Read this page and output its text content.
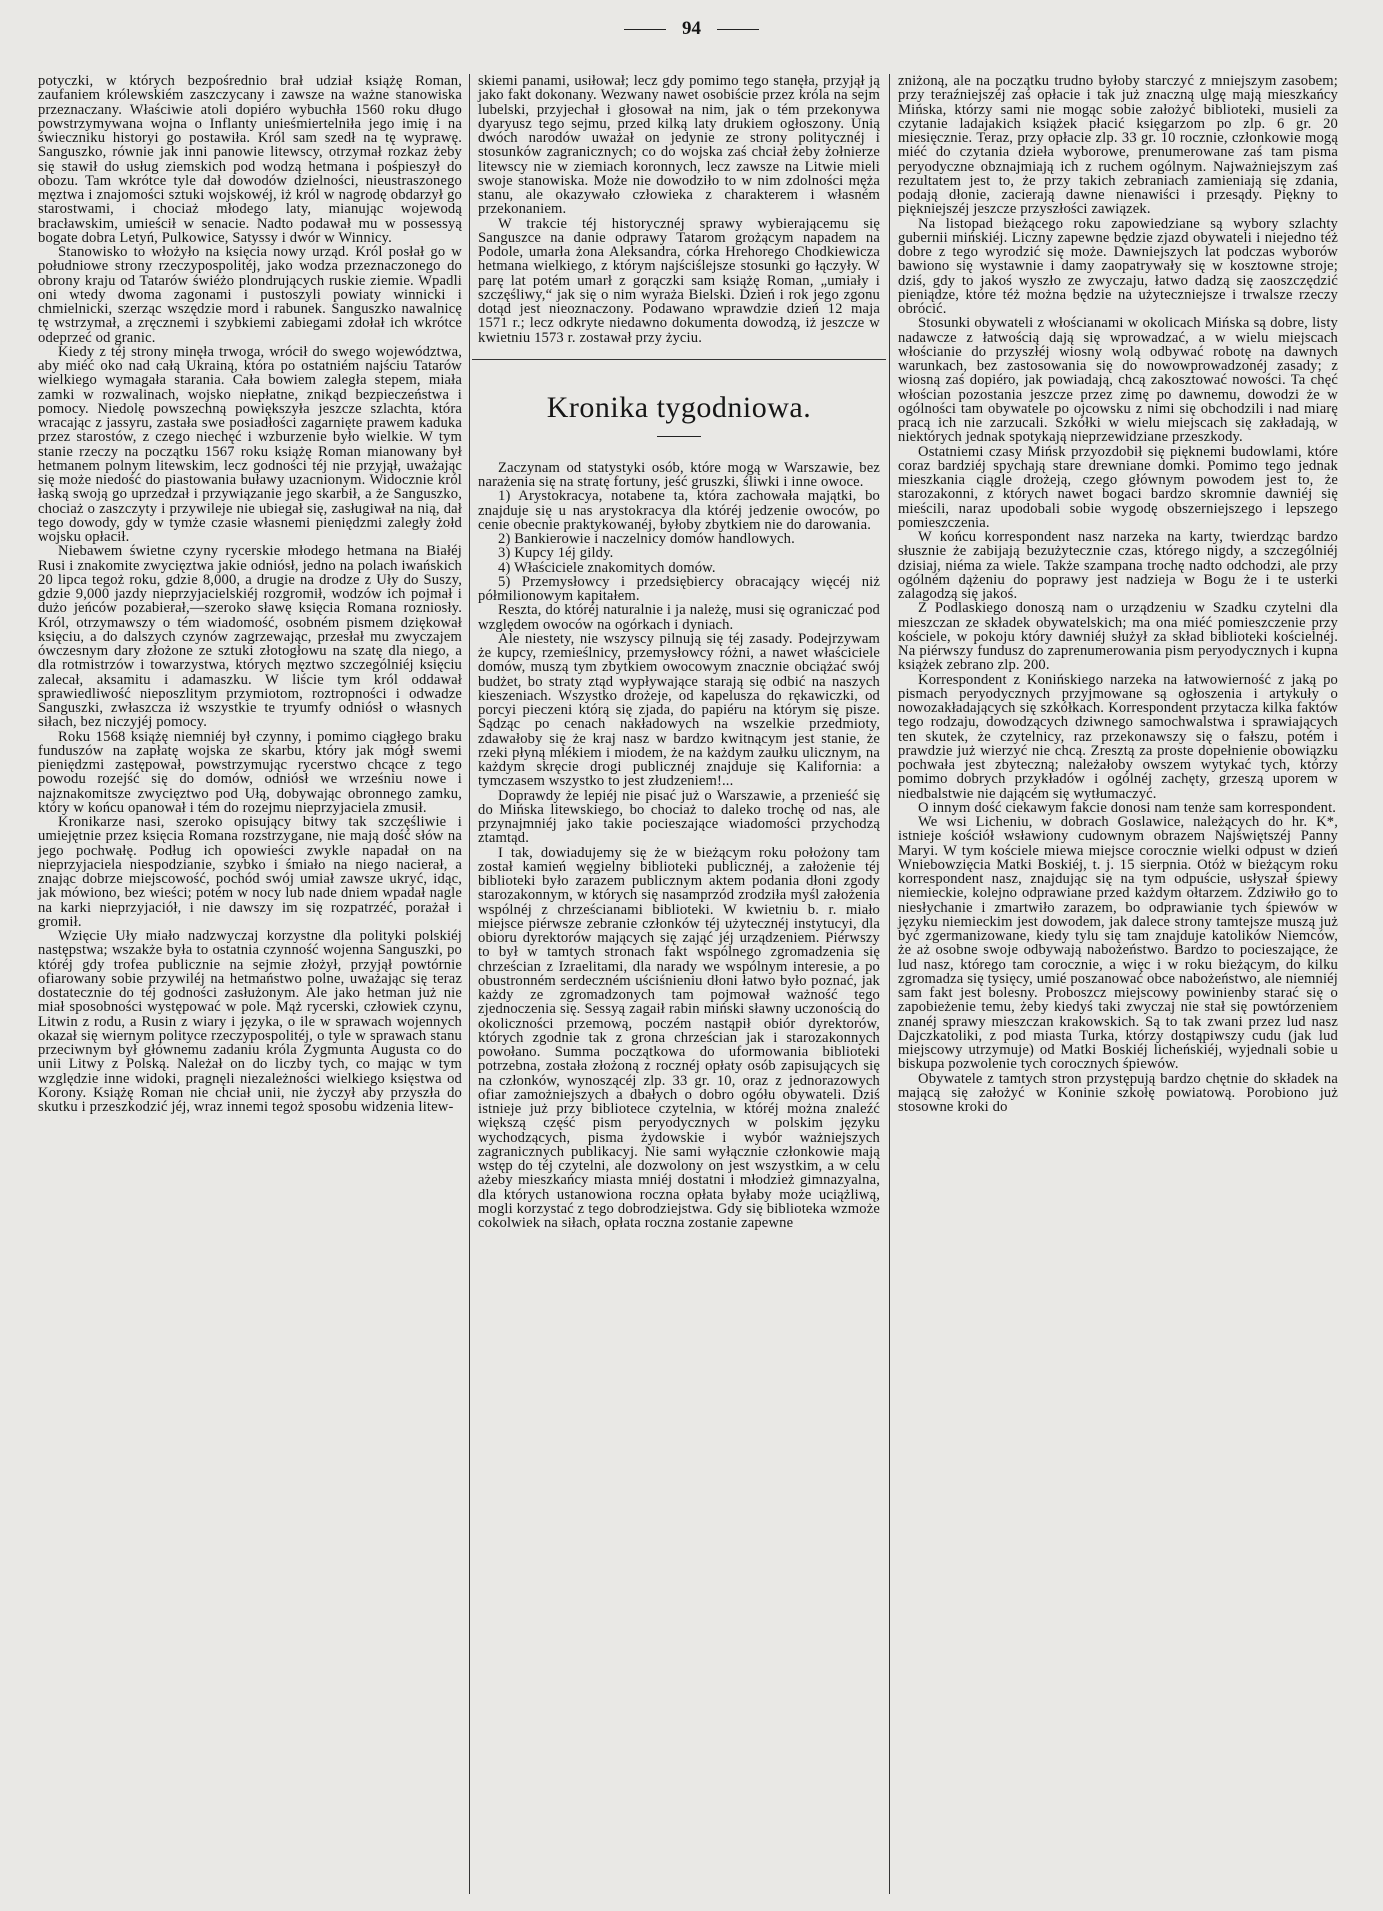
94

potyczki, w których bezpośrednio brał udział książę Roman, zaufaniem królewskiém zaszczycany i zawsze na ważne stanowiska przeznaczany. Właściwie atoli dopiéro wybuchła 1560 roku długo powstrzymywana wojna o Inflanty unieśmiertelniła jego imię i na świeczniku historyi go postawiła. Król sam szedł na tę wyprawę. Sanguszko, równie jak inni panowie litewscy, otrzymał rozkaz żeby się stawił do usług ziemskich pod wodzą hetmana i pośpieszył do obozu. Tam wkrótce tyle dał dowodów dzielności, nieustraszonego męztwa i znajomości sztuki wojskowéj, iż król w nagrodę obdarzył go starostwami, i chociaż młodego laty, mianując wojewodą bracławskim, umieścił w senacie. Nadto podawał mu w possessyą bogate dobra Letyń, Pulkowice, Satyssy i dwór w Winnicy.

Stanowisko to włożyło na księcia nowy urząd. Król posłał go w południowe strony rzeczypospolitéj, jako wodza przeznaczonego do obrony kraju od Tatarów świéżo plondrujących ruskie ziemie. Wpadli oni wtedy dwoma zagonami i pustoszyli powiaty winnicki i chmielnicki, szerząc wszędzie mord i rabunek. Sanguszko nawalnicę tę wstrzymał, a zręcznemi i szybkiemi zabiegami zdołał ich wkrótce odeprzeć od granic.

Kiedy z téj strony minęła trwoga, wrócił do swego województwa, aby miéć oko nad całą Ukrainą, która po ostatniém najściu Tatarów wielkiego wymagała starania. Cała bowiem zaległa stepem, miała zamki w rozwalinach, wojsko niepłatne, znikąd bezpieczeństwa i pomocy. Niedolę powszechną powiększyła jeszcze szlachta, która wracając z jassyru, zastała swe posiadłości zagarnięte prawem kaduka przez starostów, z czego niechęć i wzburzenie było wielkie. W tym stanie rzeczy na początku 1567 roku książę Roman mianowany był hetmanem polnym litewskim, lecz godności téj nie przyjął, uważając się może niedość do piastowania buławy uzacnionym. Widocznie król łaską swoją go uprzedzał i przywiązanie jego skarbił, a że Sanguszko, chociaż o zaszczyty i przywileje nie ubiegał się, zasługiwał na nią, dał tego dowody, gdy w tymże czasie własnemi pieniędzmi zaległy żołd wojsku opłacił.

Niebawem świetne czyny rycerskie młodego hetmana na Białéj Rusi i znakomite zwycięztwa jakie odniósł, jedno na polach iwańskich 20 lipca tegoż roku, gdzie 8,000, a drugie na drodze z Uły do Suszy, gdzie 9,000 jazdy nieprzyjacielskiéj rozgromił, wodzów ich pojmał i dużo jeńców pozabierał,—szeroko sławę księcia Romana rozniosły. Król, otrzymawszy o tém wiadomość, osobném pismem dziękował księciu, a do dalszych czynów zagrzewając, przesłał mu zwyczajem ówczesnym dary złożone ze sztuki złotogłowu na szatę dla niego, a dla rotmistrzów i towarzystwa, których męztwo szczególniéj księciu zalecał, aksamitu i adamaszku. W liście tym król oddawał sprawiedliwość nieposzlitym przymiotom, roztropności i odwadze Sanguszki, zwłaszcza iż wszystkie te tryumfy odniósł o własnych siłach, bez niczyjéj pomocy.

Roku 1568 książę niemniéj był czynny, i pomimo ciągłego braku funduszów na zapłatę wojska ze skarbu, który jak mógł swemi pieniędzmi zastępował, powstrzymując rycerstwo chcące z tego powodu rozejść się do domów, odniósł we wrześniu nowe i najznakomitsze zwycięztwo pod Ułą, dobywając obronnego zamku, który w końcu opanował i tém do rozejmu nieprzyjaciela zmusił.

Kronikarze nasi, szeroko opisujący bitwy tak szczęśliwie i umiejętnie przez księcia Romana rozstrzygane, nie mają dość słów na jego pochwałę. Podług ich opowieści zwykle napadał on na nieprzyjaciela niespodzianie, szybko i śmiało na niego nacierał, a znając dobrze miejscowość, pochód swój umiał zawsze ukryć, idąc, jak mówiono, bez wieści; potém w nocy lub nade dniem wpadał nagle na karki nieprzyjaciół, i nie dawszy im się rozpatrzéć, porażał i gromił.

Wzięcie Uły miało nadzwyczaj korzystne dla polityki polskiéj następstwa; wszakże była to ostatnia czynność wojenna Sanguszki, po któréj gdy trofea publicznie na sejmie złożył, przyjął powtórnie ofiarowany sobie przywiléj na hetmaństwo polne, uważając się teraz dostatecznie do téj godności zasłużonym. Ale jako hetman już nie miał sposobności występować w pole. Mąż rycerski, człowiek czynu, Litwin z rodu, a Rusin z wiary i języka, o ile w sprawach wojennych okazał się wiernym polityce rzeczypospolitéj, o tyle w sprawach stanu przeciwnym był głównemu zadaniu króla Zygmunta Augusta co do unii Litwy z Polską. Należał on do liczby tych, co mając w tym względzie inne widoki, pragnęli niezależności wielkiego księstwa od Korony. Książę Roman nie chciał unii, nie życzył aby przyszła do skutku i przeszkodzić jéj, wraz innemi tegoż sposobu widzenia litew-

skiemi panami, usiłował; lecz gdy pomimo tego stanęła, przyjął ją jako fakt dokonany. Wezwany nawet osobiście przez króla na sejm lubelski, przyjechał i głosował na nim, jak o tém przekonywa dyaryusz tego sejmu, przed kilką laty drukiem ogłoszony. Unią dwóch narodów uważał on jedynie ze strony politycznéj i stosunków zagranicznych; co do wojska zaś chciał żeby żołnierze litewscy nie w ziemiach koronnych, lecz zawsze na Litwie mieli swoje stanowiska. Może nie dowodziło to w nim zdolności męża stanu, ale okazywało człowieka z charakterem i własném przekonaniem.

W trakcie téj historycznéj sprawy wybierającemu się Sanguszce na danie odprawy Tatarom grożącym napadem na Podole, umarła żona Aleksandra, córka Hrehorego Chodkiewicza hetmana wielkiego, z którym najściślejsze stosunki go łączyły. W parę lat potém umarł z gorączki sam książę Roman, „umiały i szczęśliwy,“ jak się o nim wyraża Bielski. Dzień i rok jego zgonu dotąd jest nieoznaczony. Podawano wprawdzie dzień 12 maja 1571 r.; lecz odkryte niedawno dokumenta dowodzą, iż jeszcze w kwietniu 1573 r. zostawał przy życiu.

Kronika tygodniowa.

Zaczynam od statystyki osób, które mogą w Warszawie, bez narażenia się na stratę fortuny, jeść gruszki, śliwki i inne owoce.

1) Arystokracya, notabene ta, która zachowała majątki, bo znajduje się u nas arystokracya dla któréj jedzenie owoców, po cenie obecnie praktykowanéj, byłoby zbytkiem nie do darowania.

2) Bankierowie i naczelnicy domów handlowych.

3) Kupcy 1éj gildy.

4) Właściciele znakomitych domów.

5) Przemysłowcy i przedsiębiercy obracający więcéj niż półmilionowym kapitałem.

Reszta, do któréj naturalnie i ja należę, musi się ograniczać pod względem owoców na ogórkach i dyniach.

Ale niestety, nie wszyscy pilnują się téj zasady. Podejrzywam że kupcy, rzemieślnicy, przemysłowcy różni, a nawet właściciele domów, muszą tym zbytkiem owocowym znacznie obciążać swój budżet, bo straty ztąd wypływające starają się odbić na naszych kieszeniach. Wszystko drożeje, od kapelusza do rękawiczki, od porcyi pieczeni którą się zjada, do papiéru na którym się pisze. Sądząc po cenach nakładowych na wszelkie przedmioty, zdawałoby się że kraj nasz w bardzo kwitnącym jest stanie, że rzeki płyną mlékiem i miodem, że na każdym zaułku ulicznym, na każdym skręcie drogi publicznéj znajduje się Kalifornia: a tymczasem wszystko to jest złudzeniem!...

Doprawdy że lepiéj nie pisać już o Warszawie, a przenieść się do Mińska litewskiego, bo chociaż to daleko trochę od nas, ale przynajmniéj jako takie pocieszające wiadomości przychodzą ztamtąd.

I tak, dowiadujemy się że w bieżącym roku położony tam został kamień węgielny biblioteki publicznéj, a założenie téj biblioteki było zarazem publicznym aktem podania dłoni zgody starozakonnym, w których się nasamprzód zrodziła myśl założenia wspólnéj z chrześcianami biblioteki. W kwietniu b. r. miało miejsce piérwsze zebranie członków téj użytecznéj instytucyi, dla obioru dyrektorów mających się zająć jéj urządzeniem. Piérwszy to był w tamtych stronach fakt wspólnego zgromadzenia się chrześcian z Izraelitami, dla narady we wspólnym interesie, a po obustronném serdeczném uściśnieniu dłoni łatwo było poznać, jak każdy ze zgromadzonych tam pojmował ważność tego zjednoczenia się. Sessyą zagaił rabin miński sławny uczonością do okoliczności przemową, poczém nastąpił obiór dyrektorów, których zgodnie tak z grona chrześcian jak i starozakonnych powołano. Summa początkowa do uformowania biblioteki potrzebna, została złożoną z rocznéj opłaty osób zapisujących się na członków, wynoszącéj zlp. 33 gr. 10, oraz z jednorazowych ofiar zamożniejszych a dbałych o dobro ogółu obywateli. Dziś istnieje już przy bibliotece czytelnia, w któréj można znaleźć większą część pism peryodycznych w polskim języku wychodzących, pisma żydowskie i wybór ważniejszych zagranicznych publikacyj. Nie sami wyłącznie członkowie mają wstęp do téj czytelni, ale dozwolony on jest wszystkim, a w celu ażeby mieszkańcy miasta mniéj dostatni i młodzież gimnazyalna, dla których ustanowiona roczna opłata byłaby może uciążliwą, mogli korzystać z tego dobrodziejstwa. Gdy się biblioteka wzmoże cokolwiek na siłach, opłata roczna zostanie zapewne

zniżoną, ale na początku trudno byłoby starczyć z mniejszym zasobem; przy teraźniejszéj zaś opłacie i tak już znaczną ulgę mają mieszkańcy Mińska, którzy sami nie mogąc sobie założyć biblioteki, musieli za czytanie ladajakich książek płacić księgarzom po zlp. 6 gr. 20 miesięcznie. Teraz, przy opłacie zlp. 33 gr. 10 rocznie, członkowie mogą miéć do czytania dzieła wyborowe, prenumerowane zaś tam pisma peryodyczne obznajmiają ich z ruchem ogólnym. Najważniejszym zaś rezultatem jest to, że przy takich zebraniach zamieniają się zdania, podają dłonie, zacierają dawne nienawiści i przesądy. Piękny to piękniejszéj jeszcze przyszłości zawiązek.

Na listopad bieżącego roku zapowiedziane są wybory szlachty gubernii mińskiéj. Liczny zapewne będzie zjazd obywateli i niejedno téż dobre z tego wyrodzić się może. Dawniejszych lat podczas wyborów bawiono się wystawnie i damy zaopatrywały się w kosztowne stroje; dziś, gdy to jakoś wyszło ze zwyczaju, łatwo dadzą się zaoszczędzić pieniądze, które téż można będzie na użyteczniejsze i trwalsze rzeczy obrócić.

Stosunki obywateli z włościanami w okolicach Mińska są dobre, listy nadawcze z łatwością dają się wprowadzać, a w wielu miejscach włościanie do przyszłéj wiosny wolą odbywać robotę na dawnych warunkach, bez zastosowania się do nowowprowadzonéj zasady; z wiosną zaś dopiéro, jak powiadają, chcą zakosztować nowości. Ta chęć włościan pozostania jeszcze przez zimę po dawnemu, dowodzi że w ogólności tam obywatele po ojcowsku z nimi się obchodzili i nad miarę pracą ich nie zarzucali. Szkółki w wielu miejscach się zakładają, w niektórych jednak spotykają nieprzewidziane przeszkody.

Ostatniemi czasy Mińsk przyozdobił się pięknemi budowlami, które coraz bardziéj spychają stare drewniane domki. Pomimo tego jednak mieszkania ciągle drożeją, czego głównym powodem jest to, że starozakonni, z których nawet bogaci bardzo skromnie dawniéj się mieścili, naraz upodobali sobie wygodę obszerniejszego i lepszego pomieszczenia.

W końcu korrespondent nasz narzeka na karty, twierdząc bardzo słusznie że zabijają bezużytecznie czas, którego nigdy, a szczególniéj dzisiaj, niéma za wiele. Także szampana trochę nadto odchodzi, ale przy ogólném dążeniu do poprawy jest nadzieja w Bogu że i te usterki zalagodzą się jakoś.

Z Podlaskiego donoszą nam o urządzeniu w Szadku czytelni dla mieszczan ze składek obywatelskich; ma ona miéć pomieszczenie przy kościele, w pokoju który dawniéj służył za skład biblioteki kościelnéj. Na piérwszy fundusz do zaprenumerowania pism peryodycznych i kupna książek zebrano zlp. 200.

Korrespondent z Konińskiego narzeka na łatwowierność z jaką po pismach peryodycznych przyjmowane są ogłoszenia i artykuły o nowozakładających się szkółkach. Korrespondent przytacza kilka faktów tego rodzaju, dowodzących dziwnego samochwalstwa i sprawiających ten skutek, że czytelnicy, raz przekonawszy się o fałszu, potém i prawdzie już wierzyć nie chcą. Zresztą za proste dopełnienie obowiązku pochwała jest zbyteczną; należałoby owszem wytykać tych, którzy pomimo dobrych przykładów i ogólnéj zachęty, grzeszą uporem w niedbalstwie nie dającém się wytłumaczyć.

O innym dość ciekawym fakcie donosi nam tenże sam korrespondent.

We wsi Licheniu, w dobrach Goslawice, należących do hr. K*, istnieje kościół wsławiony cudownym obrazem Najświętszéj Panny Maryi. W tym kościele miewa miejsce corocznie wielki odpust w dzień Wniebowzięcia Matki Boskiéj, t. j. 15 sierpnia. Otóż w bieżącym roku korrespondent nasz, znajdując się na tym odpuście, usłyszał śpiewy niemieckie, kolejno odprawiane przed każdym ołtarzem. Zdziwiło go to niesłychanie i zmartwiło zarazem, bo odprawianie tych śpiewów w języku niemieckim jest dowodem, jak dalece strony tamtejsze muszą już być zgermanizowane, kiedy tylu się tam znajduje katolików Niemców, że aż osobne swoje odbywają nabożeństwo. Bardzo to pocieszające, że lud nasz, którego tam corocznie, a więc i w roku bieżącym, do kilku zgromadza się tysięcy, umié poszanować obce nabożeństwo, ale niemniéj sam fakt jest bolesny. Proboszcz miejscowy powinienby starać się o zapobieżenie temu, żeby kiedyś taki zwyczaj nie stał się powtórzeniem znanéj sprawy mieszczan krakowskich. Są to tak zwani przez lud nasz Dajczkatoliki, z pod miasta Turka, którzy dostąpiwszy cudu (jak lud miejscowy utrzymuje) od Matki Boskiéj licheńskiéj, wyjednali sobie u biskupa pozwolenie tych corocznych śpiewów.

Obywatele z tamtych stron przystępują bardzo chętnie do składek na mającą się założyć w Koninie szkołę powiatową. Porobiono już stosowne kroki do
